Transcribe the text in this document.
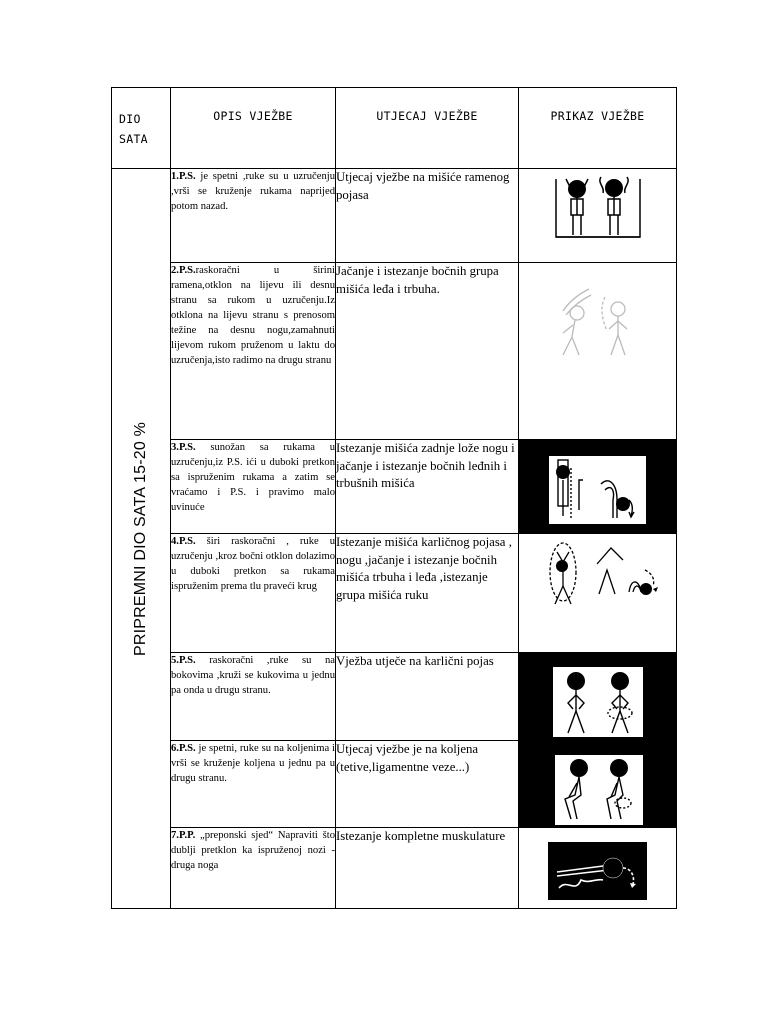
DIO
SATA	OPIS VJEŽBE	UTJECAJ VJEŽBE	PRIKAZ VJEŽBE

PRIPREMNI DIO SATA 15-20 %	1.P.S. je spetni ,ruke su u uzručenju ,vrši se kruženje rukama naprijed potom nazad.	Utjecaj vježbe na mišiće ramenog pojasa	

	2.P.S.raskoračni u širini ramena,otklon na lijevu ili desnu stranu sa rukom u uzručenju.Iz otklona na lijevu stranu s prenosom težine na desnu nogu,zamahnuti lijevom rukom pruženom u laktu do uzručenja,isto radimo na drugu stranu	Jačanje i istezanje bočnih grupa mišića leđa i trbuha.	

	3.P.S. sunožan sa rukama u uzručenju,iz P.S. ići u duboki pretkon sa ispruženim rukama a zatim se vraćamo i P.S. i pravimo malo uvinuće	Istezanje mišića zadnje lože nogu i jačanje i istezanje bočnih leđnih i trbušnih mišića	

	4.P.S. širi raskoračni , ruke u uzručenju ,kroz bočni otklon dolazimo u duboki pretkon sa rukama ispruženim prema tlu praveći krug	Istezanje mišića karličnog pojasa , nogu ,jačanje i istezanje bočnih mišića trbuha i leđa ,istezanje grupa mišića ruku	

	5.P.S. raskoračni ,ruke su na bokovima ,kruži se kukovima u jednu pa onda u drugu stranu.	Vježba utječe na karlični pojas	

	6.P.S. je spetni, ruke su na koljenima i vrši se kruženje koljena u jednu pa u drugu stranu.	Utjecaj vježbe je na koljena (tetive,ligamentne veze...)	

	7.P.P. „preponski sjed“ Napraviti što dublji pretklon ka ispruženoj nozi -druga noga	Istezanje kompletne muskulature	
